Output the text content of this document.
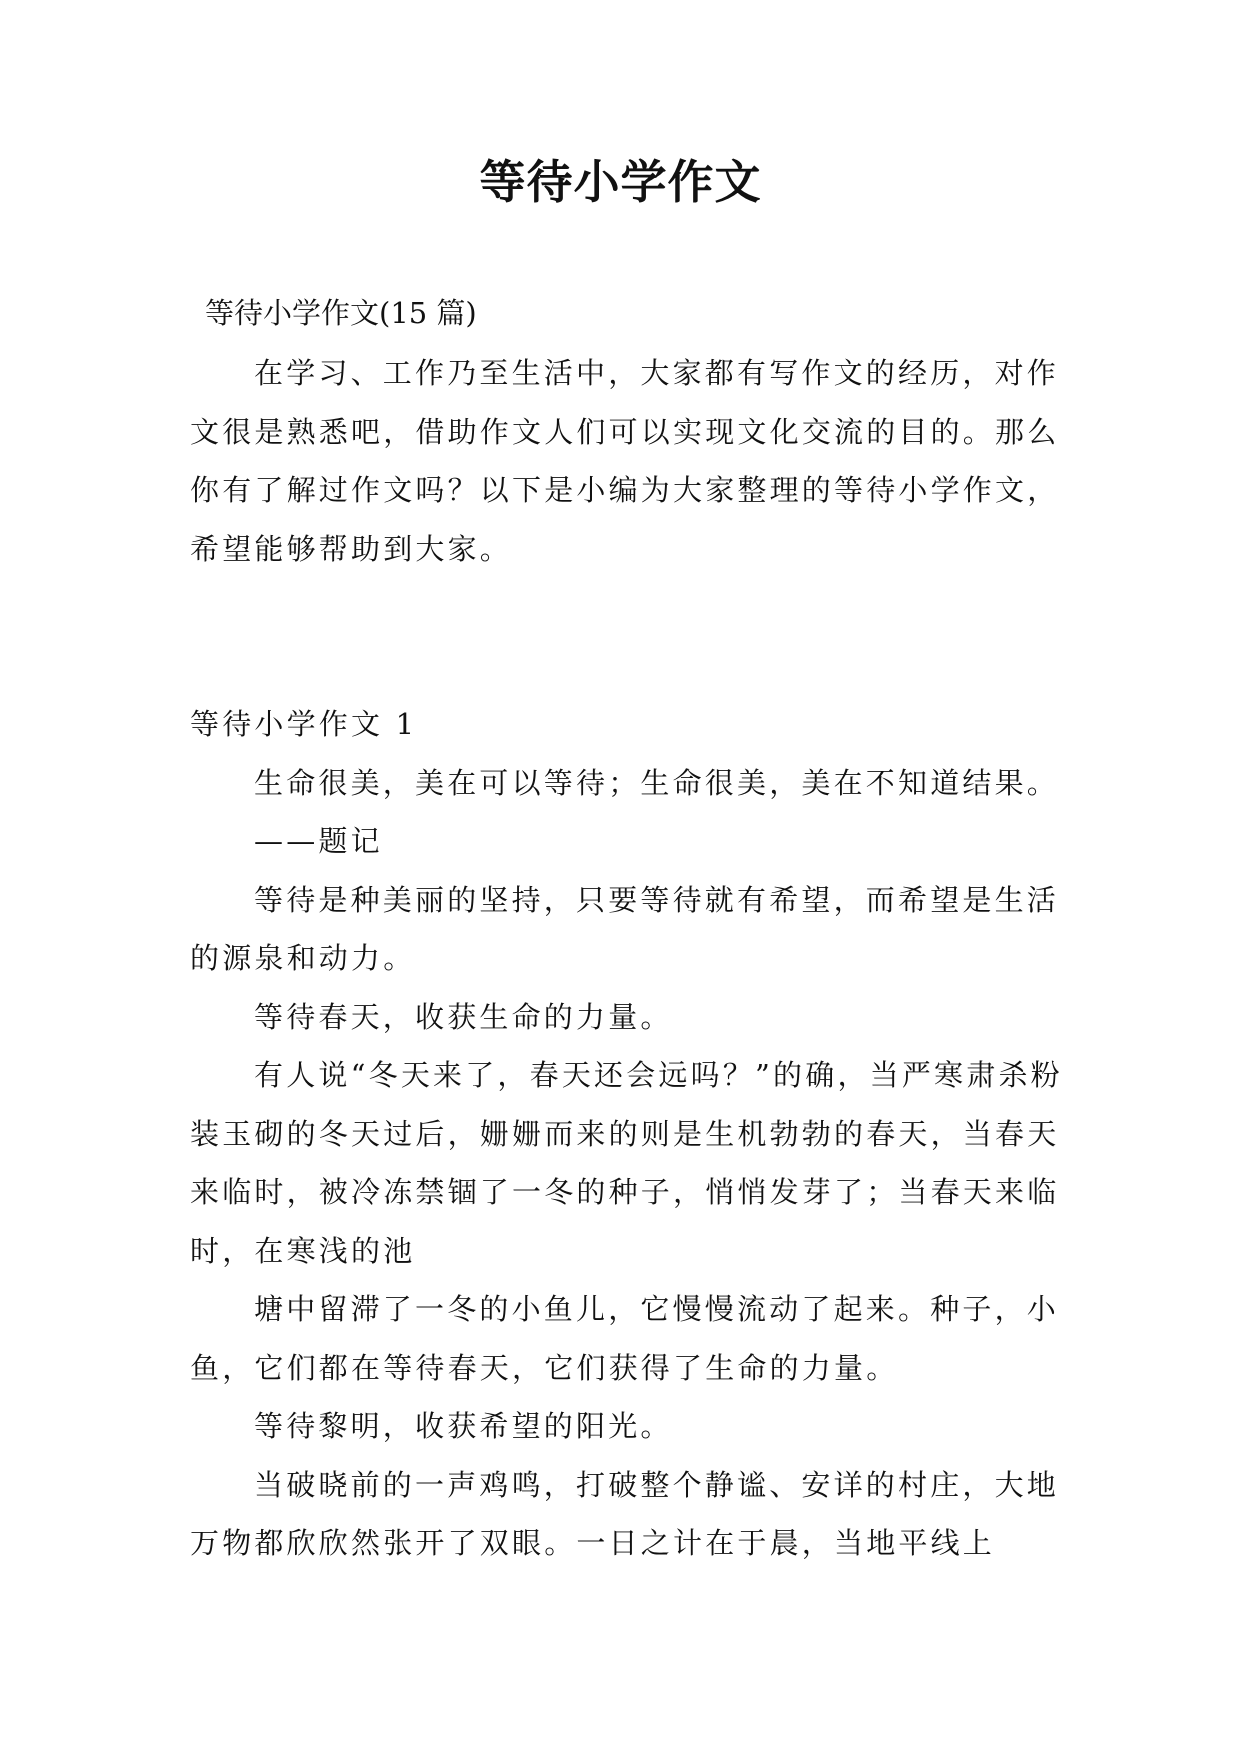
等待小学作文
等待小学作文(15 篇)

在学习、工作乃至生活中，大家都有写作文的经历，对作文很是熟悉吧，借助作文人们可以实现文化交流的目的。那么你有了解过作文吗？以下是小编为大家整理的等待小学作文，希望能够帮助到大家。

等待小学作文 1

生命很美，美在可以等待；生命很美，美在不知道结果。

——题记

等待是种美丽的坚持，只要等待就有希望，而希望是生活的源泉和动力。

等待春天，收获生命的力量。

有人说“冬天来了，春天还会远吗？”的确，当严寒肃杀粉装玉砌的冬天过后，姗姗而来的则是生机勃勃的春天，当春天来临时，被冷冻禁锢了一冬的种子，悄悄发芽了；当春天来临时，在寒浅的池

塘中留滞了一冬的小鱼儿，它慢慢流动了起来。种子，小鱼，它们都在等待春天，它们获得了生命的力量。

等待黎明，收获希望的阳光。

当破晓前的一声鸡鸣，打破整个静谧、安详的村庄，大地万物都欣欣然张开了双眼。一日之计在于晨，当地平线上
